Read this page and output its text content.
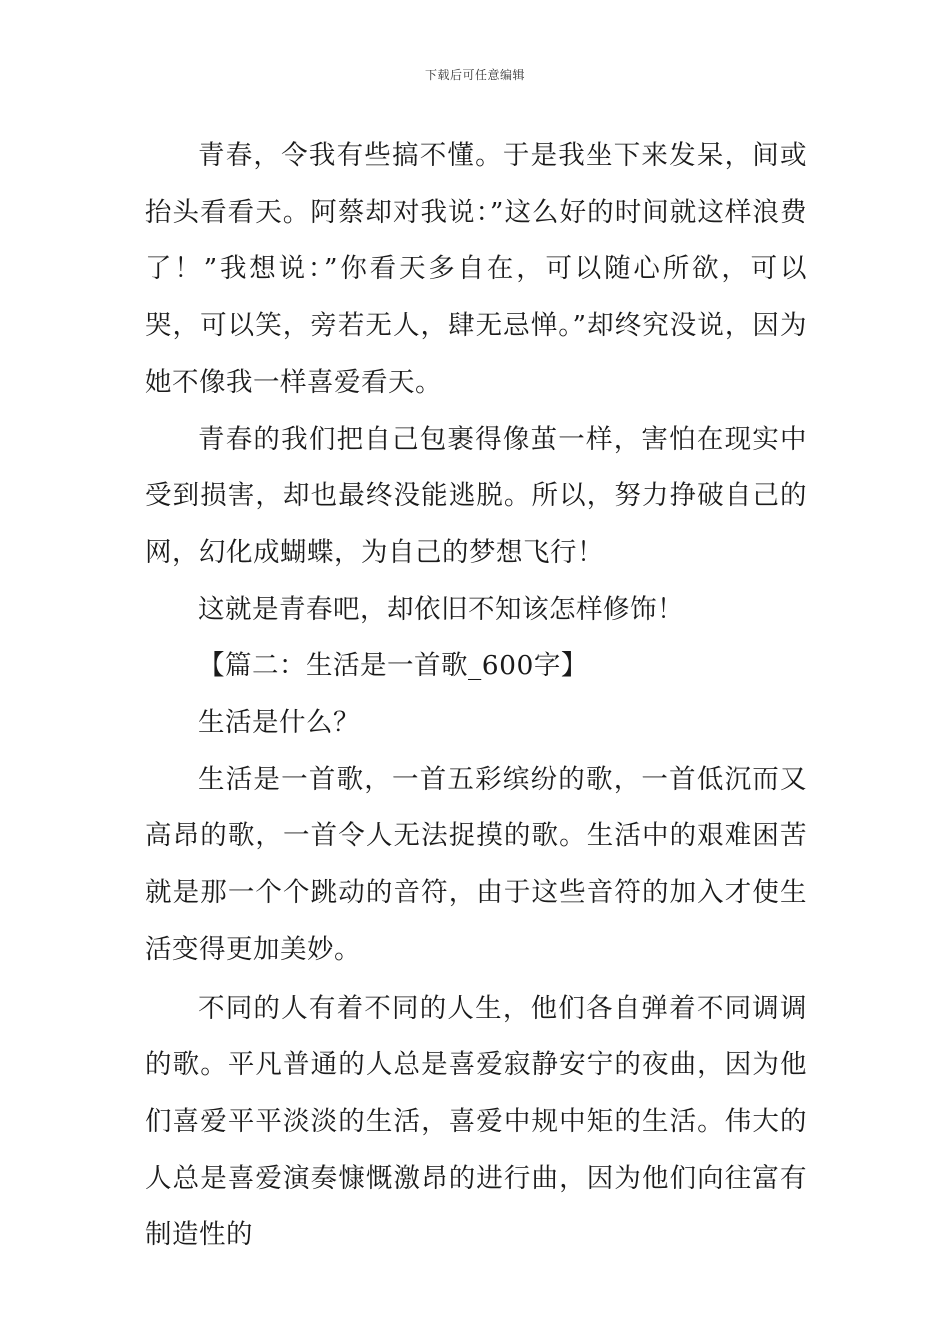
下载后可任意编辑

青春，令我有些搞不懂。于是我坐下来发呆，间或抬头看看天。阿蔡却对我说：”这么好的时间就这样浪费了！”我想说：”你看天多自在，可以随心所欲，可以哭，可以笑，旁若无人，肆无忌惮。”却终究没说，因为她不像我一样喜爱看天。

青春的我们把自己包裹得像茧一样，害怕在现实中受到损害，却也最终没能逃脱。所以，努力挣破自己的网，幻化成蝴蝶，为自己的梦想飞行！

这就是青春吧，却依旧不知该怎样修饰！

【篇二：生活是一首歌_600字】

生活是什么？

生活是一首歌，一首五彩缤纷的歌，一首低沉而又高昂的歌，一首令人无法捉摸的歌。生活中的艰难困苦就是那一个个跳动的音符，由于这些音符的加入才使生活变得更加美妙。

不同的人有着不同的人生，他们各自弹着不同调调的歌。平凡普通的人总是喜爱寂静安宁的夜曲，因为他们喜爱平平淡淡的生活，喜爱中规中矩的生活。伟大的人总是喜爱演奏慷慨激昂的进行曲，因为他们向往富有制造性的
